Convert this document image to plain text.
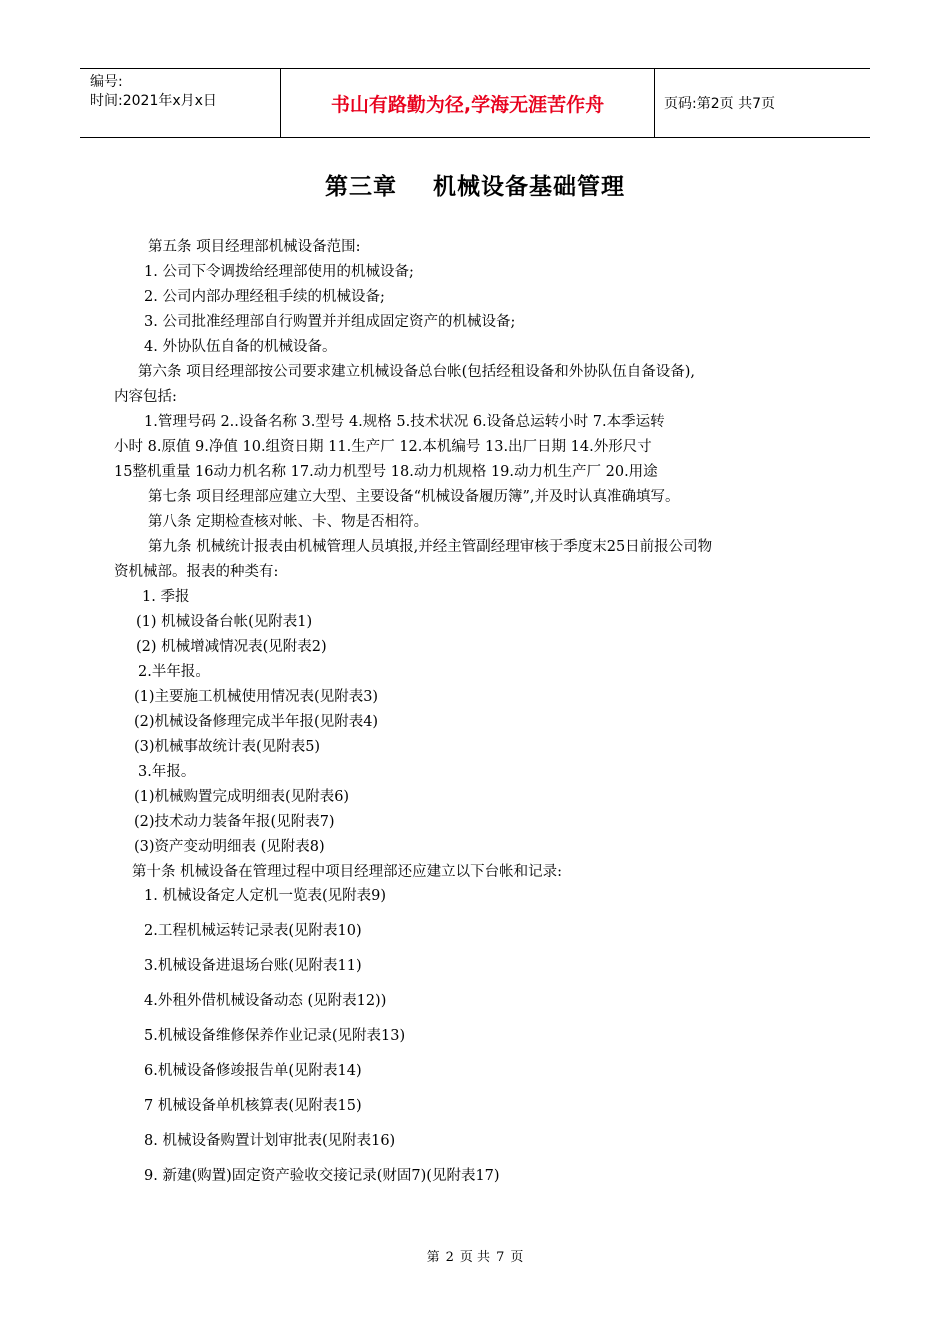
编号:
时间:2021年x月x日	书山有路勤为径,学海无涯苦作舟	页码:第2页 共7页
第三章 机械设备基础管理
第五条 项目经理部机械设备范围:
1. 公司下令调拨给经理部使用的机械设备;
2. 公司内部办理经租手续的机械设备;
3. 公司批准经理部自行购置并并组成固定资产的机械设备;
4. 外协队伍自备的机械设备。
第六条 项目经理部按公司要求建立机械设备总台帐(包括经租设备和外协队伍自备设备),
内容包括:
1.管理号码 2..设备名称 3.型号 4.规格 5.技术状况 6.设备总运转小时 7.本季运转
小时 8.原值 9.净值 10.组资日期 11.生产厂 12.本机编号 13.出厂日期 14.外形尺寸
15整机重量 16动力机名称 17.动力机型号 18.动力机规格 19.动力机生产厂 20.用途
第七条 项目经理部应建立大型、主要设备“机械设备履历簿”,并及时认真准确填写。
第八条 定期检查核对帐、卡、物是否相符。
第九条 机械统计报表由机械管理人员填报,并经主管副经理审核于季度末25日前报公司物
资机械部。报表的种类有:
1. 季报
(1) 机械设备台帐(见附表1)
(2) 机械增减情况表(见附表2)
2.半年报。
(1)主要施工机械使用情况表(见附表3)
(2)机械设备修理完成半年报(见附表4)
(3)机械事故统计表(见附表5)
3.年报。
(1)机械购置完成明细表(见附表6)
(2)技术动力装备年报(见附表7)
(3)资产变动明细表 (见附表8)
第十条 机械设备在管理过程中项目经理部还应建立以下台帐和记录:
1. 机械设备定人定机一览表(见附表9)
2.工程机械运转记录表(见附表10)
3.机械设备进退场台账(见附表11)
4.外租外借机械设备动态 (见附表12))
5.机械设备维修保养作业记录(见附表13)
6.机械设备修竣报告单(见附表14)
7 机械设备单机核算表(见附表15)
8. 机械设备购置计划审批表(见附表16)
9. 新建(购置)固定资产验收交接记录(财固7)(见附表17)
第 2 页 共 7 页
